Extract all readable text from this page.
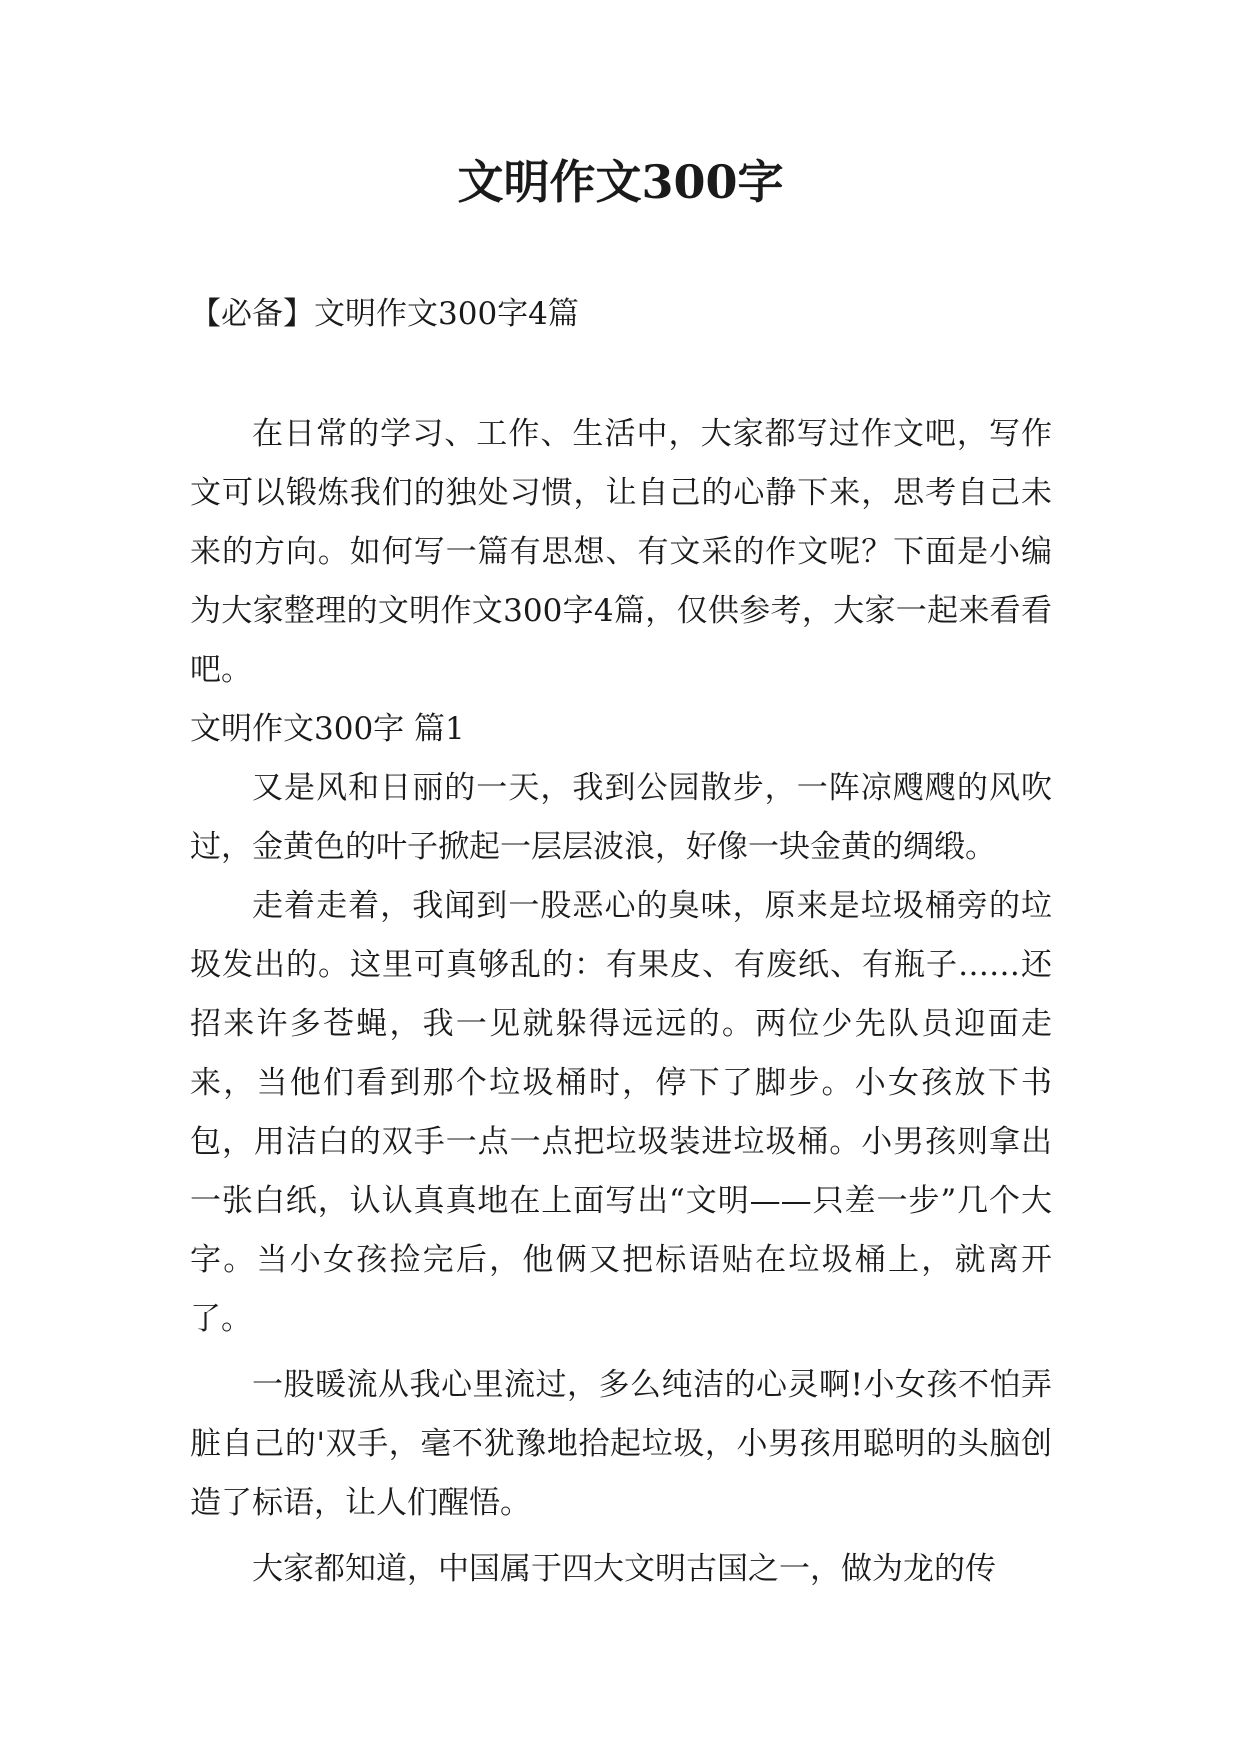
文明作文300字

【必备】文明作文300字4篇

在日常的学习、工作、生活中，大家都写过作文吧，写作文可以锻炼我们的独处习惯，让自己的心静下来，思考自己未来的方向。如何写一篇有思想、有文采的作文呢？下面是小编为大家整理的文明作文300字4篇，仅供参考，大家一起来看看吧。

文明作文300字 篇1

又是风和日丽的一天，我到公园散步，一阵凉飕飕的风吹过，金黄色的叶子掀起一层层波浪，好像一块金黄的绸缎。

走着走着，我闻到一股恶心的臭味，原来是垃圾桶旁的垃圾发出的。这里可真够乱的：有果皮、有废纸、有瓶子……还招来许多苍蝇，我一见就躲得远远的。两位少先队员迎面走来，当他们看到那个垃圾桶时，停下了脚步。小女孩放下书包，用洁白的双手一点一点把垃圾装进垃圾桶。小男孩则拿出一张白纸，认认真真地在上面写出“文明——只差一步”几个大字。当小女孩捡完后，他俩又把标语贴在垃圾桶上，就离开了。

一股暖流从我心里流过，多么纯洁的心灵啊!小女孩不怕弄脏自己的'双手，毫不犹豫地拾起垃圾，小男孩用聪明的头脑创造了标语，让人们醒悟。

大家都知道，中国属于四大文明古国之一，做为龙的传
